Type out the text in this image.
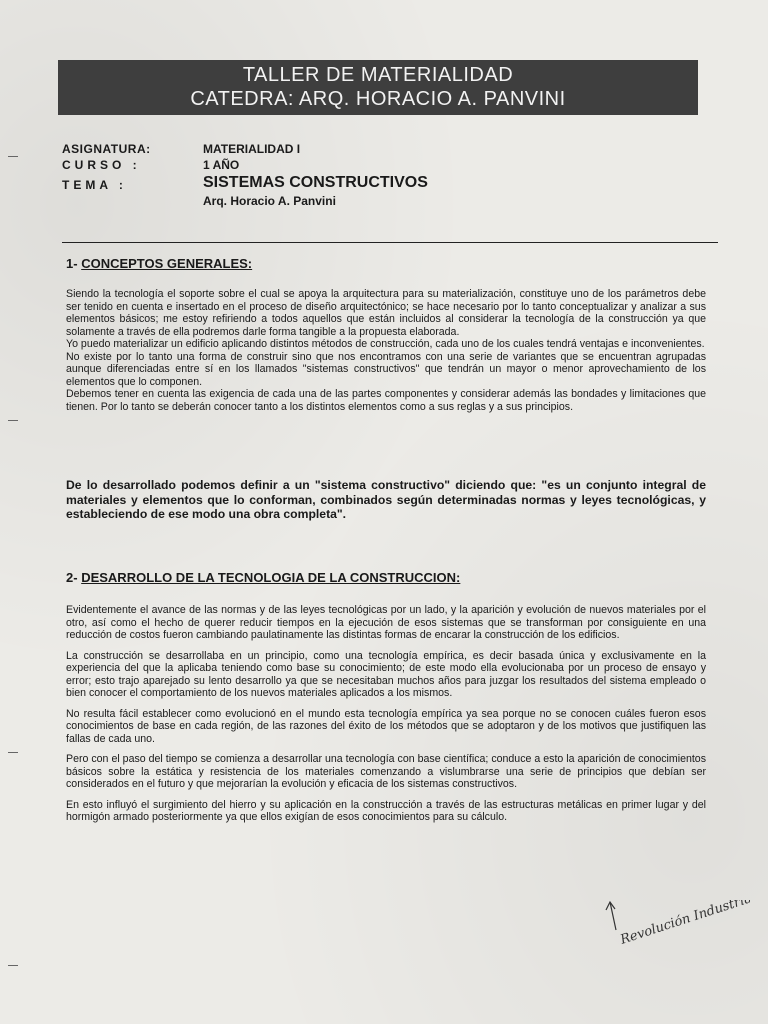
TALLER DE MATERIALIDAD
CATEDRA: ARQ. HORACIO A. PANVINI
ASIGNATURA:	MATERIALIDAD I
CURSO :	1 AÑO
TEMA :	SISTEMAS CONSTRUCTIVOS
Arq. Horacio A. Panvini
1- CONCEPTOS GENERALES:

Siendo la tecnología el soporte sobre el cual se apoya la arquitectura para su materialización, constituye uno de los parámetros debe ser tenido en cuenta e insertado en el proceso de diseño arquitectónico; se hace necesario por lo tanto conceptualizar y analizar a sus elementos básicos; me estoy refiriendo a todos aquellos que están incluidos al considerar la tecnología de la construcción ya que solamente a través de ella podremos darle forma tangible a la propuesta elaborada.

Yo puedo materializar un edificio aplicando distintos métodos de construcción, cada uno de los cuales tendrá ventajas e inconvenientes.

No existe por lo tanto una forma de construir sino que nos encontramos con una serie de variantes que se encuentran agrupadas aunque diferenciadas entre sí en los llamados "sistemas constructivos" que tendrán un mayor o menor aprovechamiento de los elementos que lo componen.

Debemos tener en cuenta las exigencia de cada una de las partes componentes y considerar además las bondades y limitaciones que tienen. Por lo tanto se deberán conocer tanto a los distintos elementos como a sus reglas y a sus principios.

De lo desarrollado podemos definir a un "sistema constructivo" diciendo que: "es un conjunto integral de materiales y elementos que lo conforman, combinados según determinadas normas y leyes tecnológicas, y estableciendo de ese modo una obra completa".
2- DESARROLLO DE LA TECNOLOGIA DE LA CONSTRUCCION:

Evidentemente el avance de las normas y de las leyes tecnológicas por un lado, y la aparición y evolución de nuevos materiales por el otro, así como el hecho de querer reducir tiempos en la ejecución de esos sistemas que se transforman por consiguiente en una reducción de costos fueron cambiando paulatinamente las distintas formas de encarar la construcción de los edificios.

La construcción se desarrollaba en un principio, como una tecnología empírica, es decir basada única y exclusivamente en la experiencia del que la aplicaba teniendo como base su conocimiento; de este modo ella evolucionaba por un proceso de ensayo y error; esto trajo aparejado su lento desarrollo ya que se necesitaban muchos años para juzgar los resultados del sistema empleado o bien conocer el comportamiento de los nuevos materiales aplicados a los mismos.

No resulta fácil establecer como evolucionó en el mundo esta tecnología empírica ya sea porque no se conocen cuáles fueron esos conocimientos de base en cada región, de las razones del éxito de los métodos que se adoptaron y de los motivos que justifiquen las fallas de cada uno.

Pero con el paso del tiempo se comienza a desarrollar una tecnología con base científica; conduce a esto la aparición de conocimientos básicos sobre la estática y resistencia de los materiales comenzando a vislumbrarse una serie de principios que debían ser considerados en el futuro y que mejorarían la evolución y eficacia de los sistemas constructivos.

En esto influyó el surgimiento del hierro y su aplicación en la construcción a través de las estructuras metálicas en primer lugar y del hormigón armado posteriormente ya que ellos exigían de esos conocimientos para su cálculo.

Revolución Industrial
